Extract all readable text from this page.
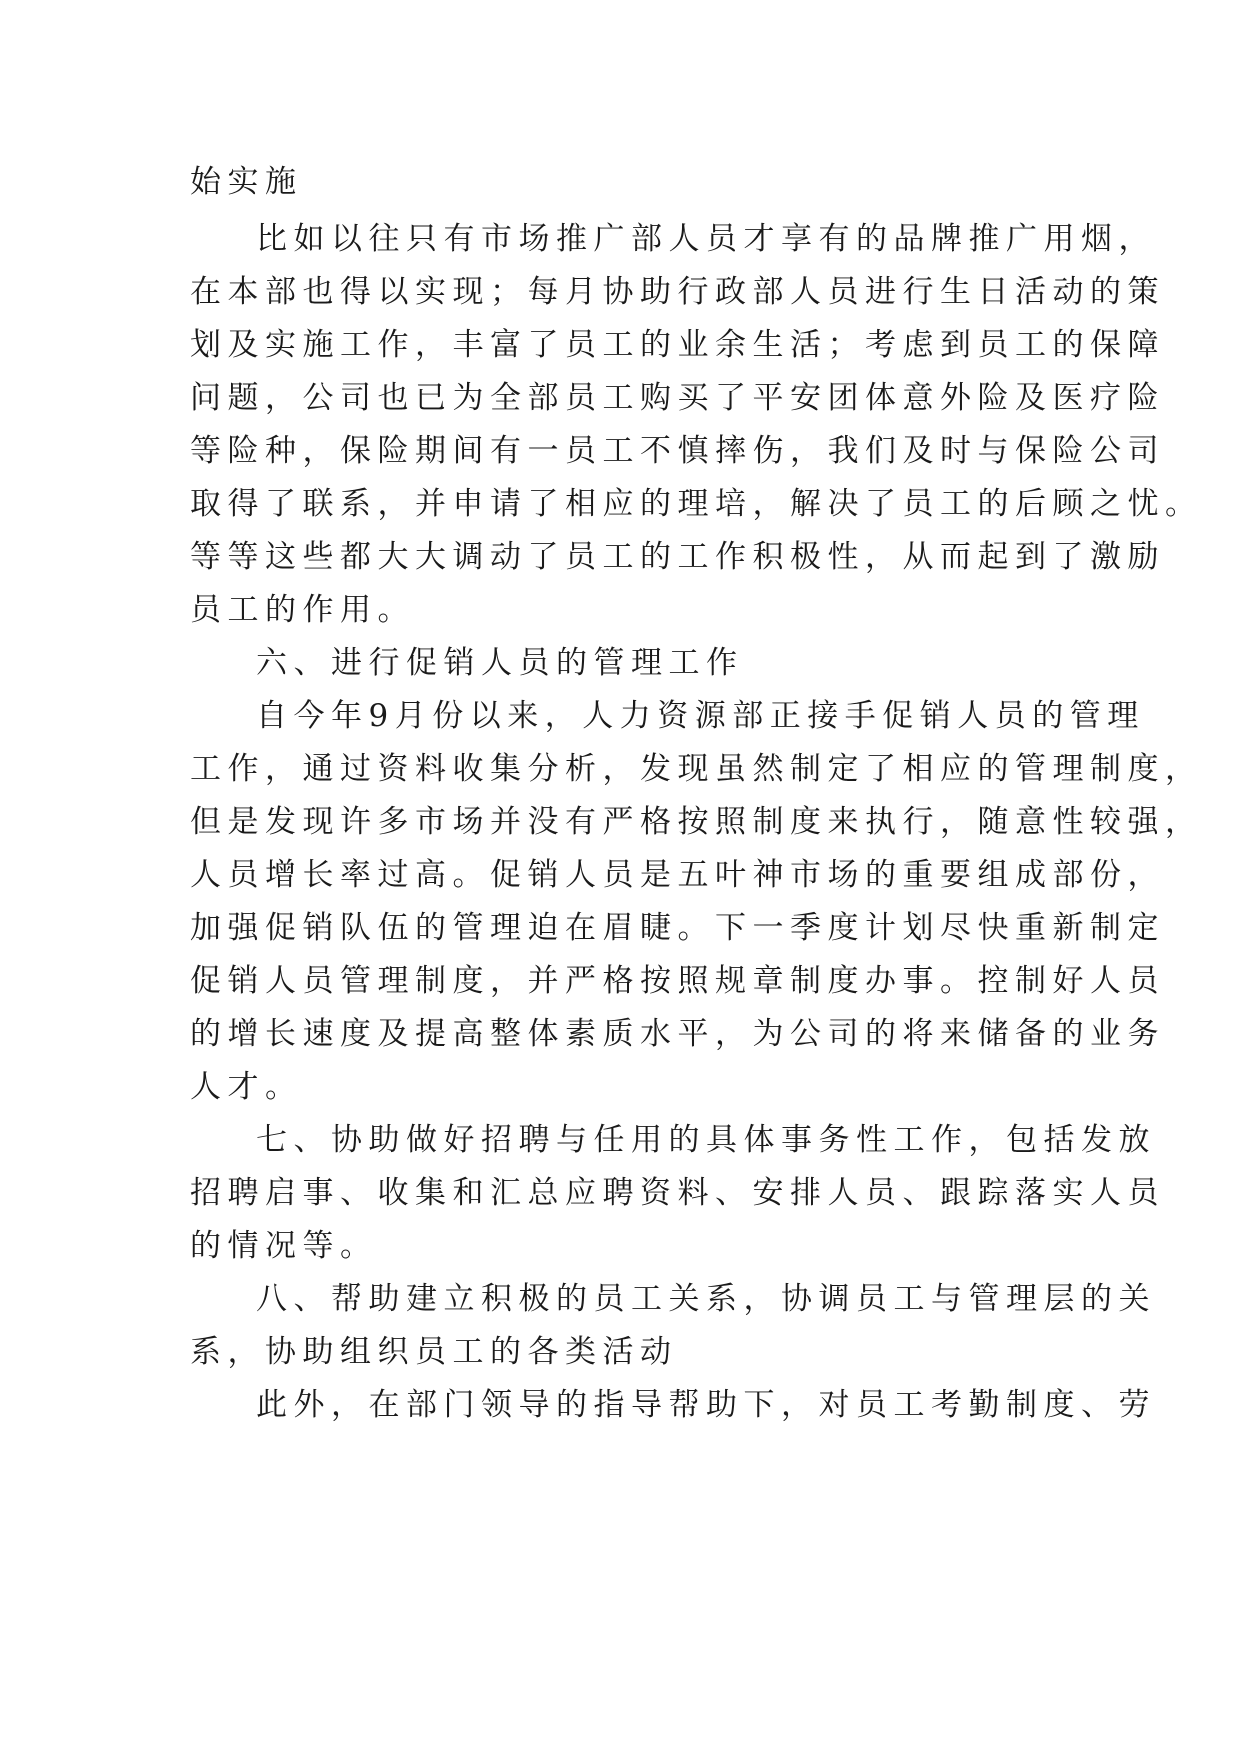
始实施
比如以往只有市场推广部人员才享有的品牌推广用烟，
在本部也得以实现；每月协助行政部人员进行生日活动的策
划及实施工作，丰富了员工的业余生活；考虑到员工的保障
问题，公司也已为全部员工购买了平安团体意外险及医疗险
等险种，保险期间有一员工不慎摔伤，我们及时与保险公司
取得了联系，并申请了相应的理培，解决了员工的后顾之忧。
等等这些都大大调动了员工的工作积极性，从而起到了激励
员工的作用。
六、进行促销人员的管理工作
自今年9月份以来，人力资源部正接手促销人员的管理
工作，通过资料收集分析，发现虽然制定了相应的管理制度，
但是发现许多市场并没有严格按照制度来执行，随意性较强，
人员增长率过高。促销人员是五叶神市场的重要组成部份，
加强促销队伍的管理迫在眉睫。下一季度计划尽快重新制定
促销人员管理制度，并严格按照规章制度办事。控制好人员
的增长速度及提高整体素质水平，为公司的将来储备的业务
人才。
七、协助做好招聘与任用的具体事务性工作，包括发放
招聘启事、收集和汇总应聘资料、安排人员、跟踪落实人员
的情况等。
八、帮助建立积极的员工关系，协调员工与管理层的关
系，协助组织员工的各类活动
此外，在部门领导的指导帮助下，对员工考勤制度、劳
